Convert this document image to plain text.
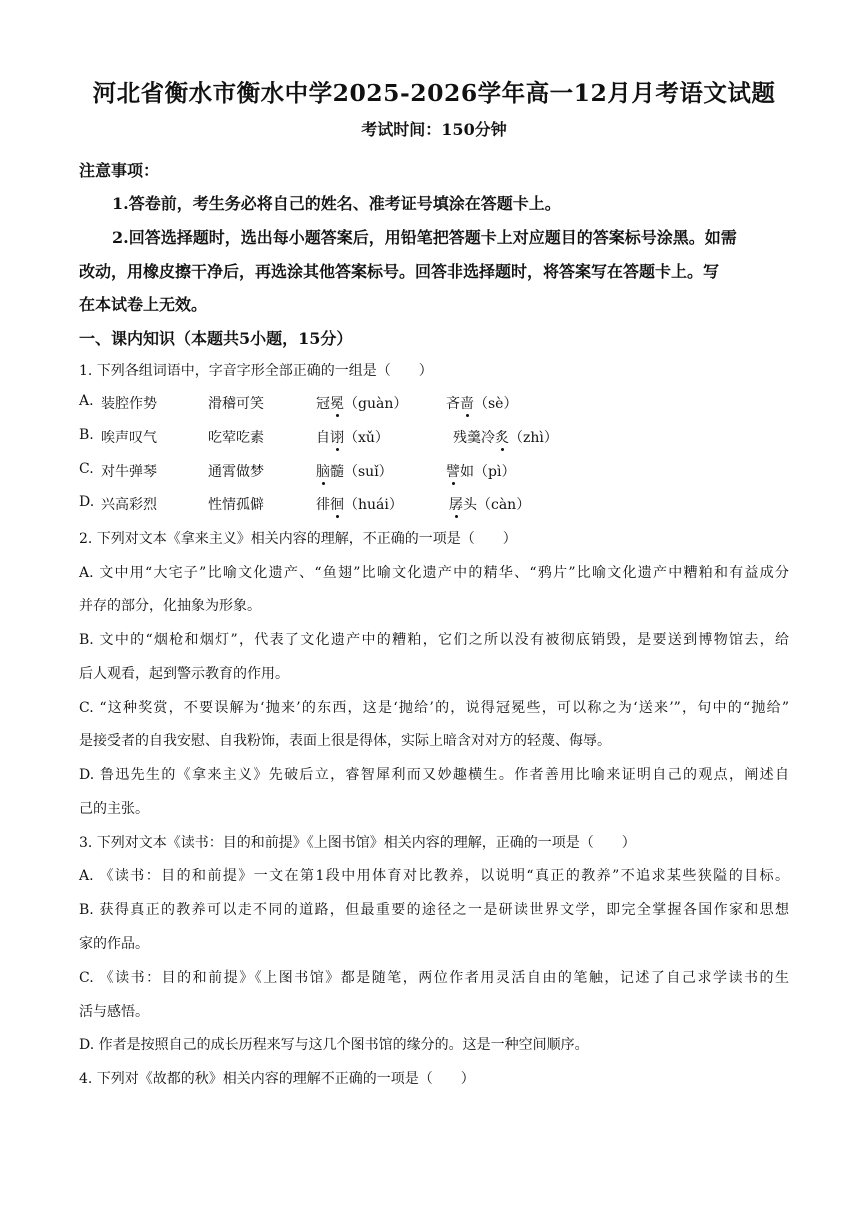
河北省衡水市衡水中学2025-2026学年高一12月月考语文试题
考试时间：150分钟
注意事项：
1.答卷前，考生务必将自己的姓名、准考证号填涂在答题卡上。
2.回答选择题时，选出每小题答案后，用铅笔把答题卡上对应题目的答案标号涂黑。如需
改动，用橡皮擦干净后，再选涂其他答案标号。回答非选择题时，将答案写在答题卡上。写
在本试卷上无效。
一、课内知识（本题共5小题，15分）
1. 下列各组词语中，字音字形全部正确的一组是（　　）
A. 装腔作势	滑稽可笑	冠冕（guàn）	吝啬（sè）
B. 唉声叹气	吃荤吃素	自诩（xǔ）	残羹冷炙（zhì）
C. 对牛弹琴	通霄做梦	脑髓（suǐ）	譬如（pì）
D. 兴高彩烈	性情孤僻	徘徊（huái）	孱头（càn）
2. 下列对文本《拿来主义》相关内容的理解，不正确的一项是（　　）
A. 文中用“大宅子”比喻文化遗产、“鱼翅”比喻文化遗产中的精华、“鸦片”比喻文化遗产中糟粕和有益成分
并存的部分，化抽象为形象。
B. 文中的“烟枪和烟灯”，代表了文化遗产中的糟粕，它们之所以没有被彻底销毁，是要送到博物馆去，给
后人观看，起到警示教育的作用。
C. “这种奖赏，不要误解为‘抛来’的东西，这是‘抛给’的，说得冠冕些，可以称之为‘送来’”，句中的“抛给”
是接受者的自我安慰、自我粉饰，表面上很是得体，实际上暗含对对方的轻蔑、侮辱。
D. 鲁迅先生的《拿来主义》先破后立，睿智犀利而又妙趣横生。作者善用比喻来证明自己的观点，阐述自
己的主张。
3. 下列对文本《读书：目的和前提》《上图书馆》相关内容的理解，正确的一项是（　　）
A. 《读书：目的和前提》一文在第1段中用体育对比教养，以说明“真正的教养”不追求某些狭隘的目标。
B. 获得真正的教养可以走不同的道路，但最重要的途径之一是研读世界文学，即完全掌握各国作家和思想
家的作品。
C. 《读书：目的和前提》《上图书馆》都是随笔，两位作者用灵活自由的笔触，记述了自己求学读书的生
活与感悟。
D. 作者是按照自己的成长历程来写与这几个图书馆的缘分的。这是一种空间顺序。
4. 下列对《故都的秋》相关内容的理解不正确的一项是（　　）
